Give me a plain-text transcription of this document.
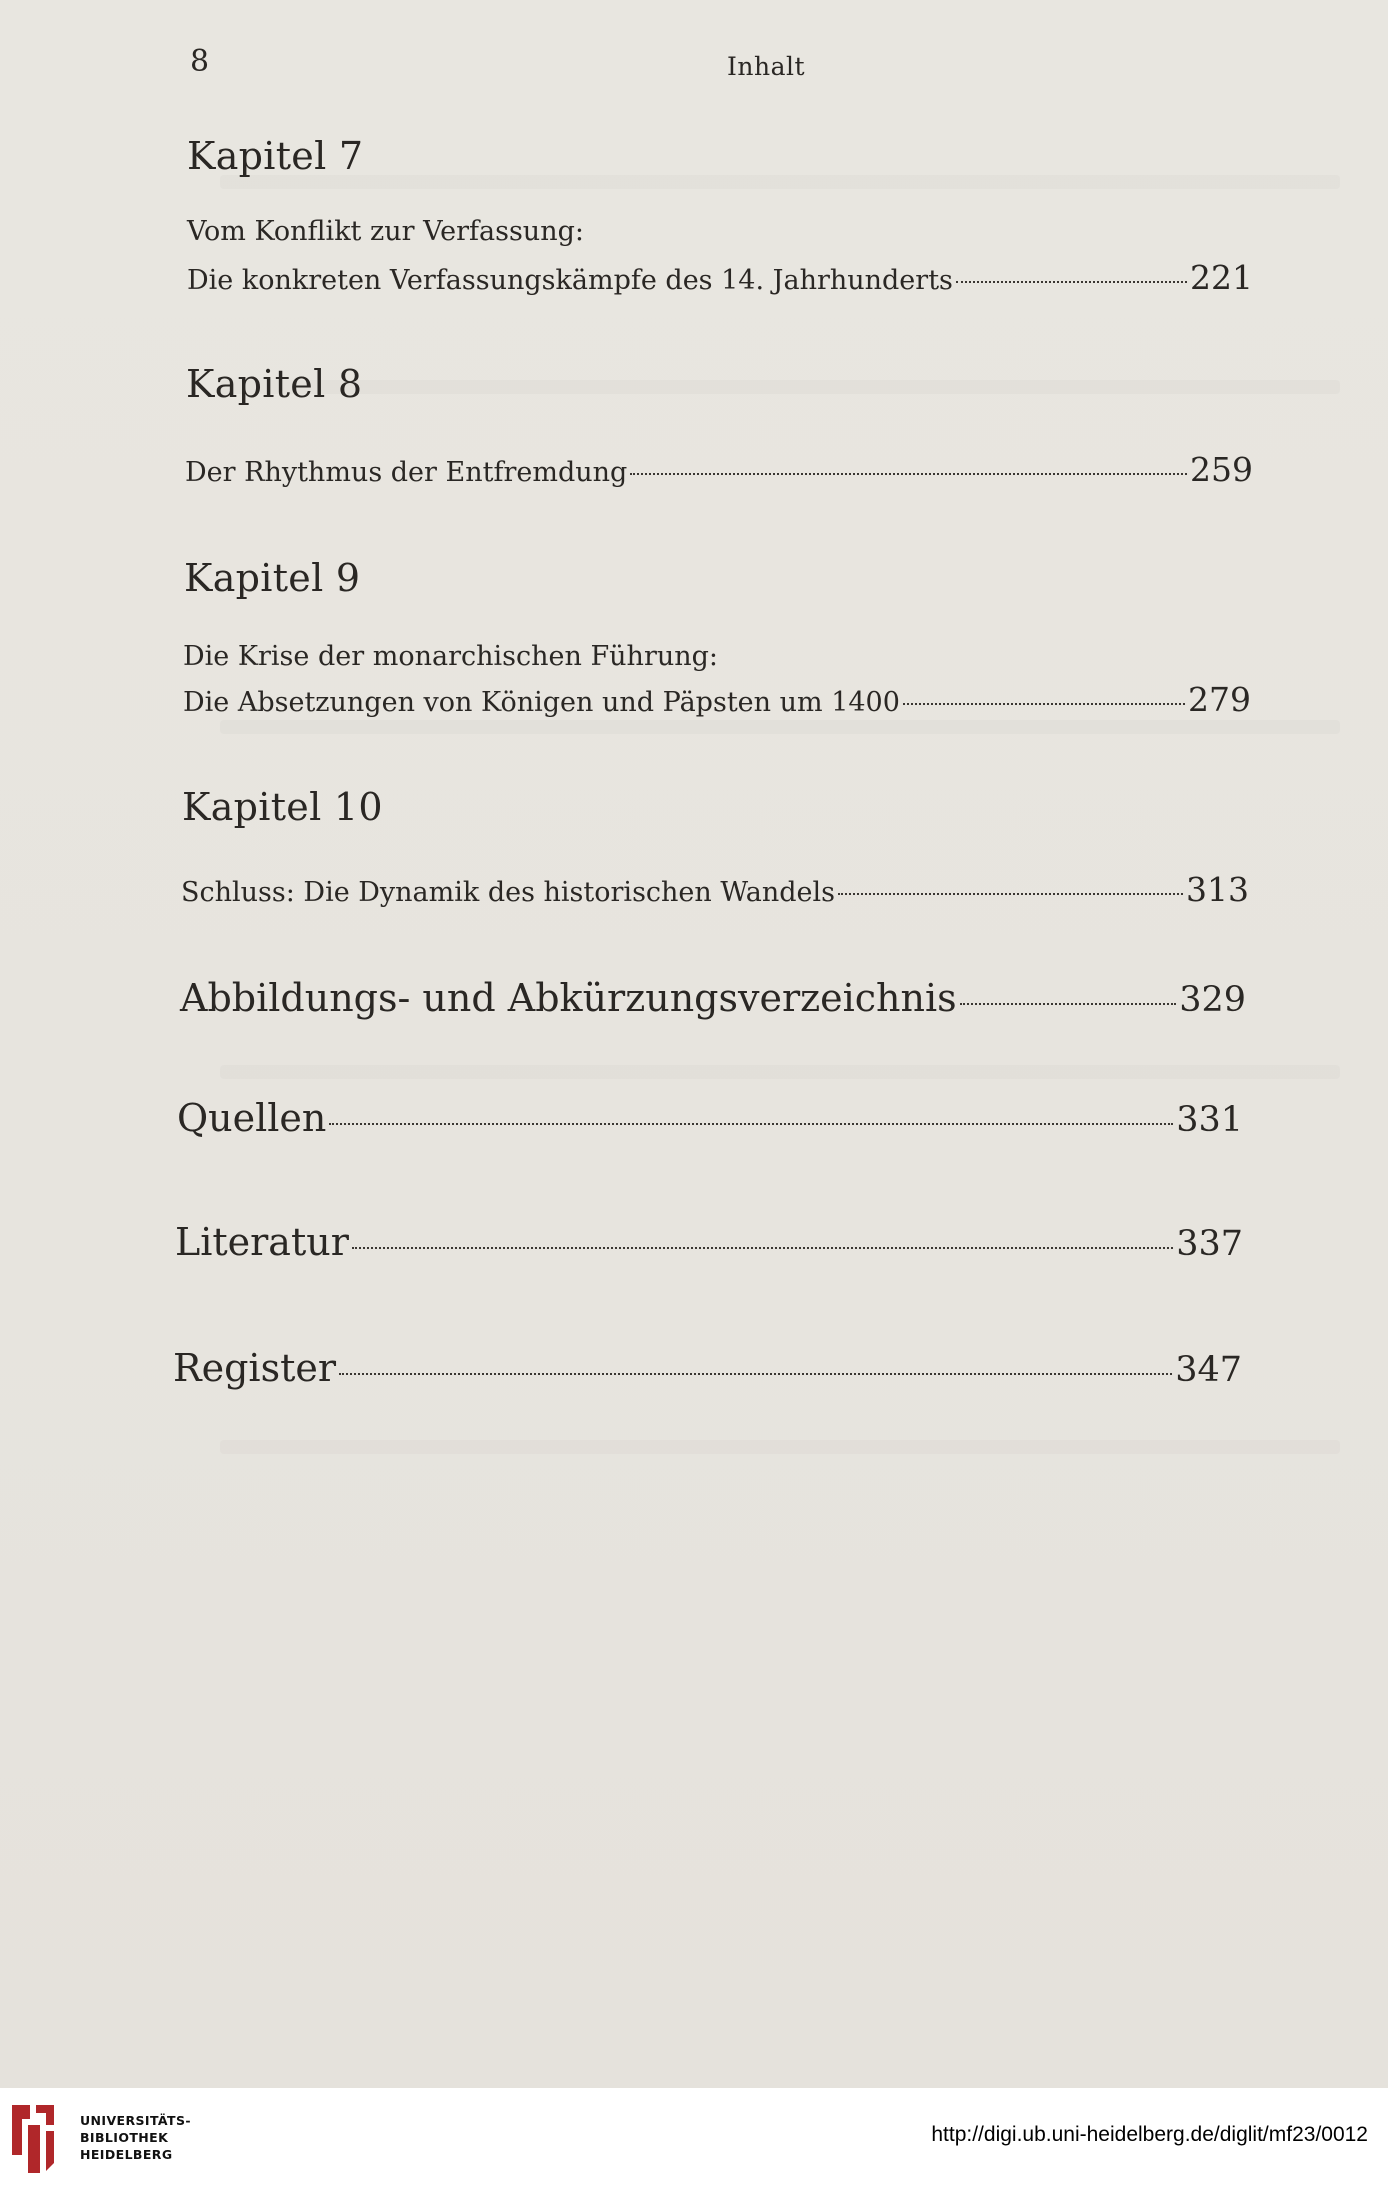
8	Inhalt
Kapitel 7
Vom Konflikt zur Verfassung:
Die konkreten Verfassungskämpfe des 14. Jahrhunderts	221
Kapitel 8
Der Rhythmus der Entfremdung	259
Kapitel 9
Die Krise der monarchischen Führung:
Die Absetzungen von Königen und Päpsten um 1400	279
Kapitel 10
Schluss: Die Dynamik des historischen Wandels	313
Abbildungs- und Abkürzungsverzeichnis	329
Quellen	331
Literatur	337
Register	347
UNIVERSITÄTS-
BIBLIOTHEK
HEIDELBERG
http://digi.ub.uni-heidelberg.de/diglit/mf23/0012
